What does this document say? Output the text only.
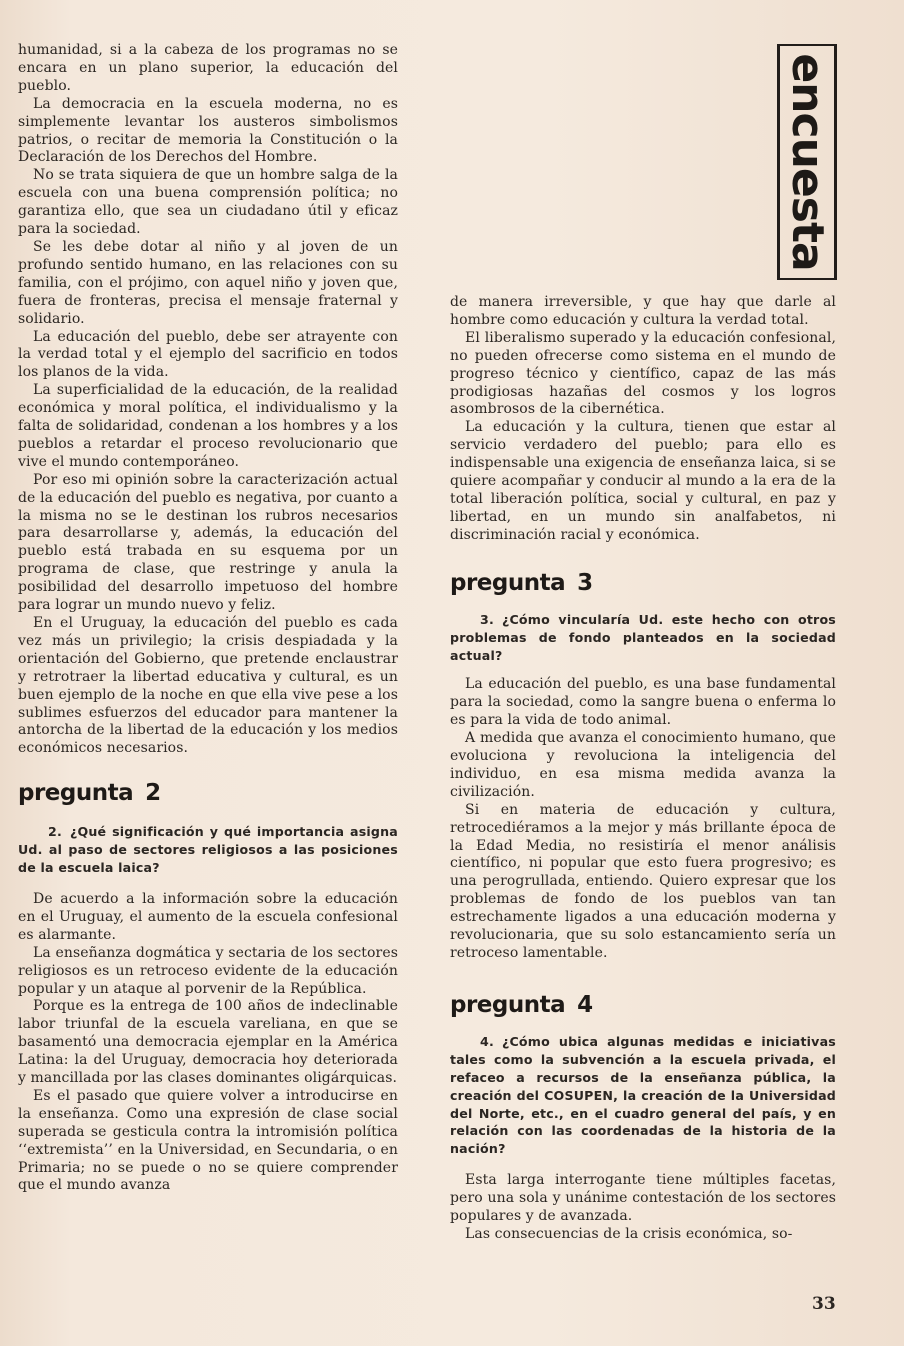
encuesta

humanidad, si a la cabeza de los programas no se encara en un plano superior, la educación del pueblo.

La democracia en la escuela moderna, no es simplemente levantar los austeros simbolismos patrios, o recitar de memoria la Constitución o la Declaración de los Derechos del Hombre.

No se trata siquiera de que un hombre salga de la escuela con una buena comprensión política; no garantiza ello, que sea un ciudadano útil y eficaz para la sociedad.

Se les debe dotar al niño y al joven de un profundo sentido humano, en las relaciones con su familia, con el prójimo, con aquel niño y joven que, fuera de fronteras, precisa el mensaje fraternal y solidario.

La educación del pueblo, debe ser atrayente con la verdad total y el ejemplo del sacrificio en todos los planos de la vida.

La superficialidad de la educación, de la realidad económica y moral política, el individualismo y la falta de solidaridad, condenan a los hombres y a los pueblos a retardar el proceso revolucionario que vive el mundo contemporáneo.

Por eso mi opinión sobre la caracterización actual de la educación del pueblo es negativa, por cuanto a la misma no se le destinan los rubros necesarios para desarrollarse y, además, la educación del pueblo está trabada en su esquema por un programa de clase, que restringe y anula la posibilidad del desarrollo impetuoso del hombre para lograr un mundo nuevo y feliz.

En el Uruguay, la educación del pueblo es cada vez más un privilegio; la crisis despiadada y la orientación del Gobierno, que pretende enclaustrar y retrotraer la libertad educativa y cultural, es un buen ejemplo de la noche en que ella vive pese a los sublimes esfuerzos del educador para mantener la antorcha de la libertad de la educación y los medios económicos necesarios.

pregunta 2

2. ¿Qué significación y qué importancia asigna Ud. al paso de sectores religiosos a las posiciones de la escuela laica?

De acuerdo a la información sobre la educación en el Uruguay, el aumento de la escuela confesional es alarmante.

La enseñanza dogmática y sectaria de los sectores religiosos es un retroceso evidente de la educación popular y un ataque al porvenir de la República.

Porque es la entrega de 100 años de indeclinable labor triunfal de la escuela vareliana, en que se basamentó una democracia ejemplar en la América Latina: la del Uruguay, democracia hoy deteriorada y mancillada por las clases dominantes oligárquicas.

Es el pasado que quiere volver a introducirse en la enseñanza. Como una expresión de clase social superada se gesticula contra la intromisión política ‘‘extremista’’ en la Universidad, en Secundaria, o en Primaria; no se puede o no se quiere comprender que el mundo avanza

de manera irreversible, y que hay que darle al hombre como educación y cultura la verdad total.

El liberalismo superado y la educación confesional, no pueden ofrecerse como sistema en el mundo de progreso técnico y científico, capaz de las más prodigiosas hazañas del cosmos y los logros asombrosos de la cibernética.

La educación y la cultura, tienen que estar al servicio verdadero del pueblo; para ello es indispensable una exigencia de enseñanza laica, si se quiere acompañar y conducir al mundo a la era de la total liberación política, social y cultural, en paz y libertad, en un mundo sin analfabetos, ni discriminación racial y económica.

pregunta 3

3. ¿Cómo vincularía Ud. este hecho con otros problemas de fondo planteados en la sociedad actual?

La educación del pueblo, es una base fundamental para la sociedad, como la sangre buena o enferma lo es para la vida de todo animal.

A medida que avanza el conocimiento humano, que evoluciona y revoluciona la inteligencia del individuo, en esa misma medida avanza la civilización.

Si en materia de educación y cultura, retrocediéramos a la mejor y más brillante época de la Edad Media, no resistiría el menor análisis científico, ni popular que esto fuera progresivo; es una perogrullada, entiendo. Quiero expresar que los problemas de fondo de los pueblos van tan estrechamente ligados a una educación moderna y revolucionaria, que su solo estancamiento sería un retroceso lamentable.

pregunta 4

4. ¿Cómo ubica algunas medidas e iniciativas tales como la subvención a la escuela privada, el refaceo a recursos de la enseñanza pública, la creación del COSUPEN, la creación de la Universidad del Norte, etc., en el cuadro general del país, y en relación con las coordenadas de la historia de la nación?

Esta larga interrogante tiene múltiples facetas, pero una sola y unánime contestación de los sectores populares y de avanzada.

Las consecuencias de la crisis económica, so-

33
